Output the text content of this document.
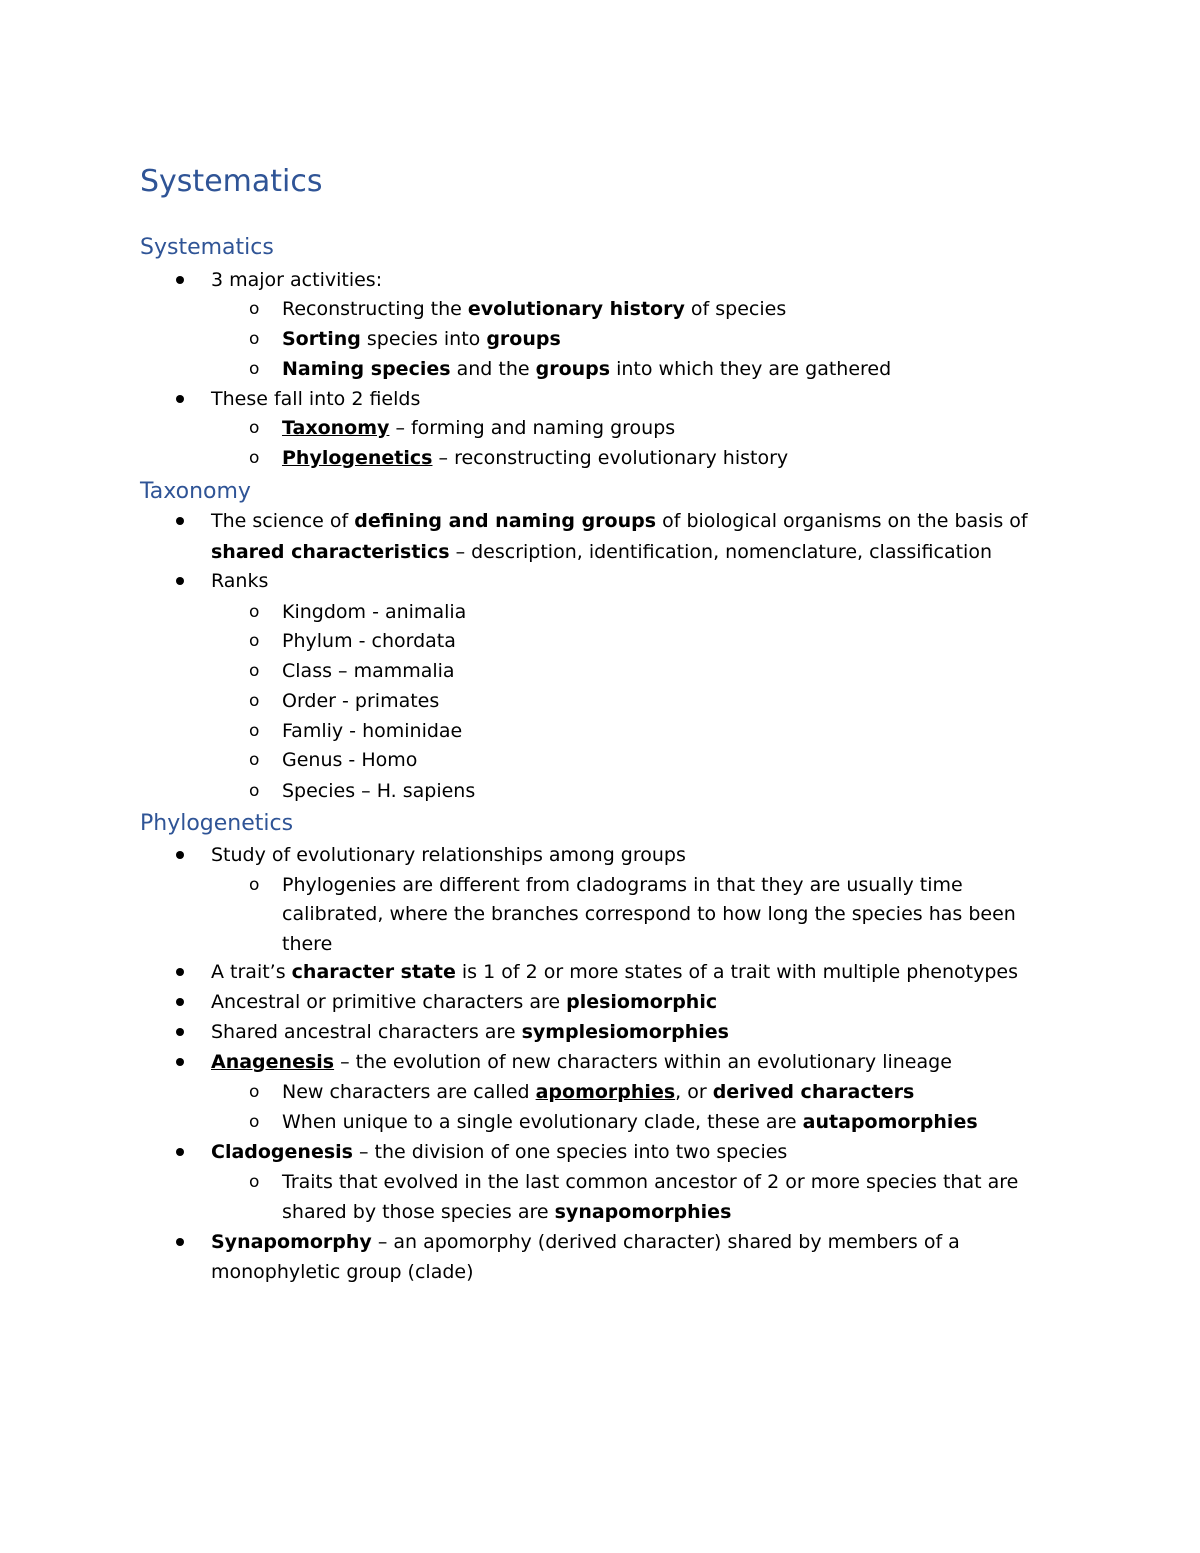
Systematics
Systematics
3 major activities:
o Reconstructing the evolutionary history of species
o Sorting species into groups
o Naming species and the groups into which they are gathered
These fall into 2 fields
o Taxonomy – forming and naming groups
o Phylogenetics – reconstructing evolutionary history
Taxonomy
The science of defining and naming groups of biological organisms on the basis of
shared characteristics – description, identification, nomenclature, classification
Ranks
o Kingdom - animalia
o Phylum - chordata
o Class – mammalia
o Order - primates
o Famliy - hominidae
o Genus - Homo
o Species – H. sapiens
Phylogenetics
Study of evolutionary relationships among groups
o Phylogenies are different from cladograms in that they are usually time
calibrated, where the branches correspond to how long the species has been
there
A trait’s character state is 1 of 2 or more states of a trait with multiple phenotypes
Ancestral or primitive characters are plesiomorphic
Shared ancestral characters are symplesiomorphies
Anagenesis – the evolution of new characters within an evolutionary lineage
o New characters are called apomorphies, or derived characters
o When unique to a single evolutionary clade, these are autapomorphies
Cladogenesis – the division of one species into two species
o Traits that evolved in the last common ancestor of 2 or more species that are
shared by those species are synapomorphies
Synapomorphy – an apomorphy (derived character) shared by members of a
monophyletic group (clade)
